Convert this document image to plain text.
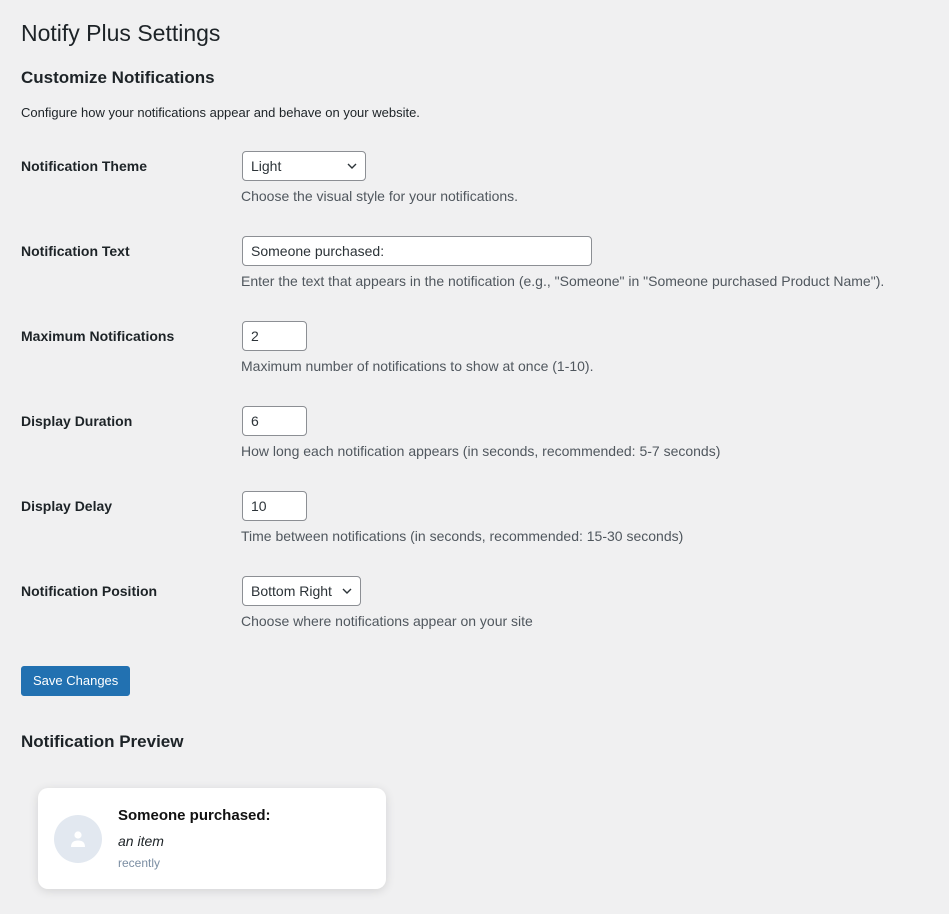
Notify Plus Settings
Customize Notifications

Configure how your notifications appear and behave on your website.

Notification Theme	Light
Choose the visual style for your notifications.
Notification Text	Someone purchased:
Enter the text that appears in the notification (e.g., "Someone" in "Someone purchased Product Name").
Maximum Notifications	2
Maximum number of notifications to show at once (1-10).
Display Duration	6
How long each notification appears (in seconds, recommended: 5-7 seconds)
Display Delay	10
Time between notifications (in seconds, recommended: 15-30 seconds)
Notification Position	Bottom Right
Choose where notifications appear on your site
Save Changes
Notification Preview
Someone purchased:
an item
recently
